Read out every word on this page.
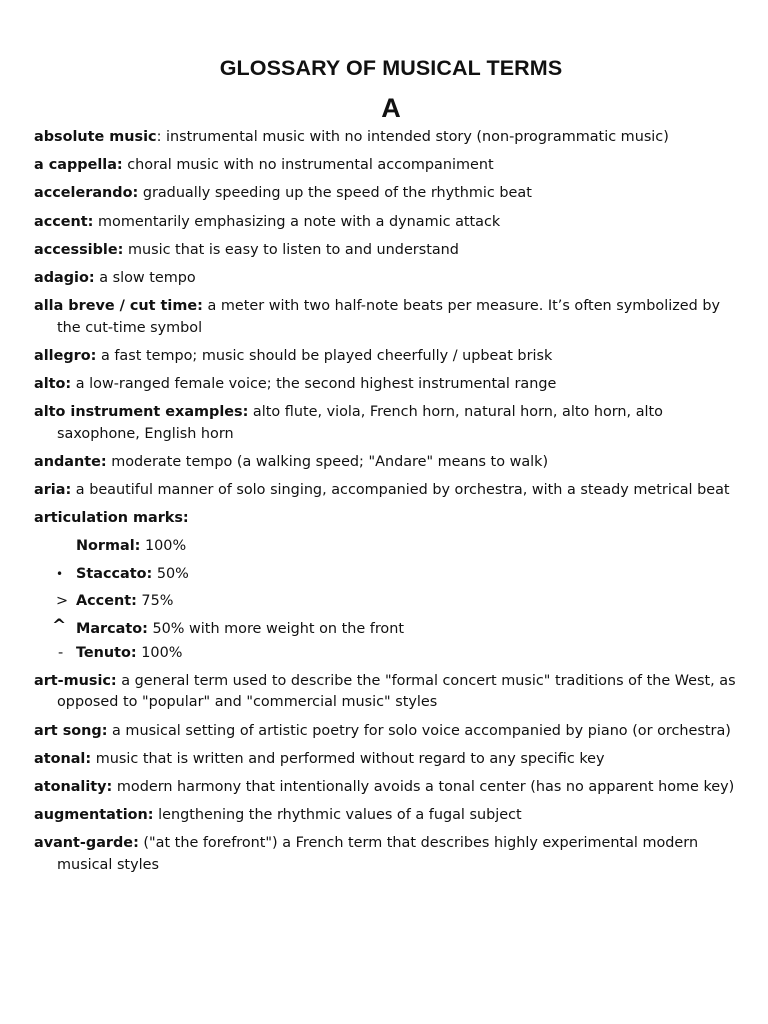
GLOSSARY OF MUSICAL TERMS
A
absolute music: instrumental music with no intended story (non-programmatic music)
a cappella: choral music with no instrumental accompaniment
accelerando: gradually speeding up the speed of the rhythmic beat
accent: momentarily emphasizing a note with a dynamic attack
accessible: music that is easy to listen to and understand
adagio: a slow tempo
alla breve / cut time: a meter with two half-note beats per measure. It’s often symbolized by the cut-time symbol
allegro: a fast tempo; music should be played cheerfully / upbeat brisk
alto: a low-ranged female voice; the second highest instrumental range
alto instrument examples: alto flute, viola, French horn, natural horn, alto horn, alto saxophone, English horn
andante: moderate tempo (a walking speed; "Andare" means to walk)
aria: a beautiful manner of solo singing, accompanied by orchestra, with a steady metrical beat
articulation marks:
Normal:
100%
• Staccato:
50%
> Accent:
75%
^ Marcato:
50% with more weight on the front
- Tenuto:
100%
art-music: a general term used to describe the "formal concert music" traditions of the West, as opposed to "popular" and "commercial music" styles
art song: a musical setting of artistic poetry for solo voice accompanied by piano (or orchestra)
atonal: music that is written and performed without regard to any specific key
atonality: modern harmony that intentionally avoids a tonal center (has no apparent home key)
augmentation: lengthening the rhythmic values of a fugal subject
avant-garde: ("at the forefront") a French term that describes highly experimental modern musical styles
